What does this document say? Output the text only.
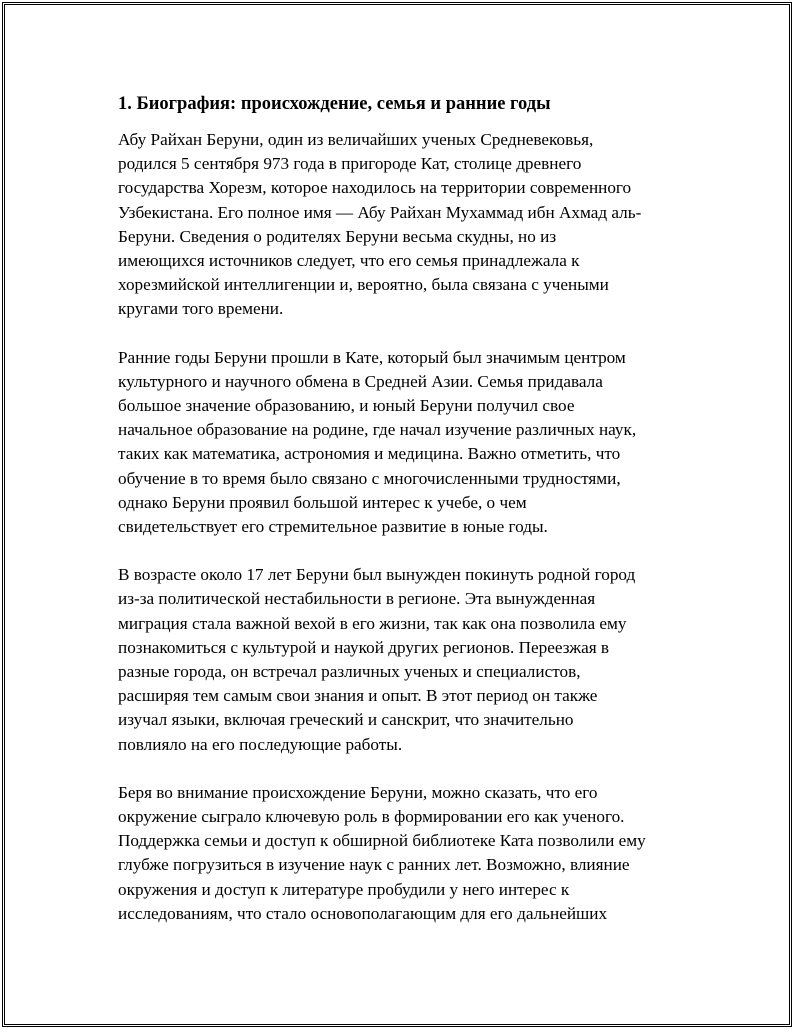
1. Биография: происхождение, семья и ранние годы
Абу Райхан Беруни, один из величайших ученых Средневековья,
родился 5 сентября 973 года в пригороде Кат, столице древнего
государства Хорезм, которое находилось на территории современного
Узбекистана. Его полное имя — Абу Райхан Мухаммад ибн Ахмад аль-
Беруни. Сведения о родителях Беруни весьма скудны, но из
имеющихся источников следует, что его семья принадлежала к
хорезмийской интеллигенции и, вероятно, была связана с учеными
кругами того времени.
Ранние годы Беруни прошли в Кате, который был значимым центром
культурного и научного обмена в Средней Азии. Семья придавала
большое значение образованию, и юный Беруни получил свое
начальное образование на родине, где начал изучение различных наук,
таких как математика, астрономия и медицина. Важно отметить, что
обучение в то время было связано с многочисленными трудностями,
однако Беруни проявил большой интерес к учебе, о чем
свидетельствует его стремительное развитие в юные годы.
В возрасте около 17 лет Беруни был вынужден покинуть родной город
из-за политической нестабильности в регионе. Эта вынужденная
миграция стала важной вехой в его жизни, так как она позволила ему
познакомиться с культурой и наукой других регионов. Переезжая в
разные города, он встречал различных ученых и специалистов,
расширяя тем самым свои знания и опыт. В этот период он также
изучал языки, включая греческий и санскрит, что значительно
повлияло на его последующие работы.
Беря во внимание происхождение Беруни, можно сказать, что его
окружение сыграло ключевую роль в формировании его как ученого.
Поддержка семьи и доступ к обширной библиотеке Ката позволили ему
глубже погрузиться в изучение наук с ранних лет. Возможно, влияние
окружения и доступ к литературе пробудили у него интерес к
исследованиям, что стало основополагающим для его дальнейших
